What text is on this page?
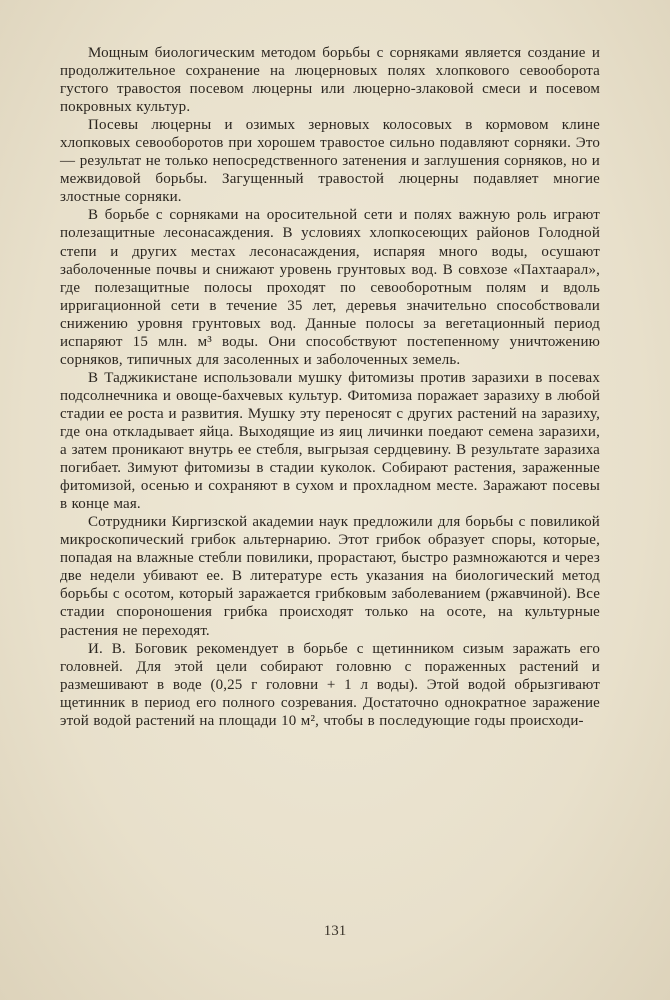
Мощным биологическим методом борьбы с сорняками является создание и продолжительное сохранение на люцерновых полях хлопкового севооборота густого травостоя посевом люцерны или люцерно-злаковой смеси и посевом покровных культур.

Посевы люцерны и озимых зерновых колосовых в кормовом клине хлопковых севооборотов при хорошем травостое сильно подавляют сорняки. Это — результат не только непосредственного затенения и заглушения сорняков, но и межвидовой борьбы. Загущенный травостой люцерны подавляет многие злостные сорняки.

В борьбе с сорняками на оросительной сети и полях важную роль играют полезащитные лесонасаждения. В условиях хлопкосеющих районов Голодной степи и других местах лесонасаждения, испаряя много воды, осушают заболоченные почвы и снижают уровень грунтовых вод. В совхозе «Пахтаарал», где полезащитные полосы проходят по севооборотным полям и вдоль ирригационной сети в течение 35 лет, деревья значительно способствовали снижению уровня грунтовых вод. Данные полосы за вегетационный период испаряют 15 млн. м³ воды. Они способствуют постепенному уничтожению сорняков, типичных для засоленных и заболоченных земель.

В Таджикистане использовали мушку фитомизы против заразихи в посевах подсолнечника и овоще-бахчевых культур. Фитомиза поражает заразиху в любой стадии ее роста и развития. Мушку эту переносят с других растений на заразиху, где она откладывает яйца. Выходящие из яиц личинки поедают семена заразихи, а затем проникают внутрь ее стебля, выгрызая сердцевину. В результате заразиха погибает. Зимуют фитомизы в стадии куколок. Собирают растения, зараженные фитомизой, осенью и сохраняют в сухом и прохладном месте. Заражают посевы в конце мая.

Сотрудники Киргизской академии наук предложили для борьбы с повиликой микроскопический грибок альтернарию. Этот грибок образует споры, которые, попадая на влажные стебли повилики, прорастают, быстро размножаются и через две недели убивают ее. В литературе есть указания на биологический метод борьбы с осотом, который заражается грибковым заболеванием (ржавчиной). Все стадии спороношения грибка происходят только на осоте, на культурные растения не переходят.

И. В. Боговик рекомендует в борьбе с щетинником сизым заражать его головней. Для этой цели собирают головню с пораженных растений и размешивают в воде (0,25 г головни + 1 л воды). Этой водой обрызгивают щетинник в период его полного созревания. Достаточно однократное заражение этой водой растений на площади 10 м², чтобы в последующие годы происходи-

131
